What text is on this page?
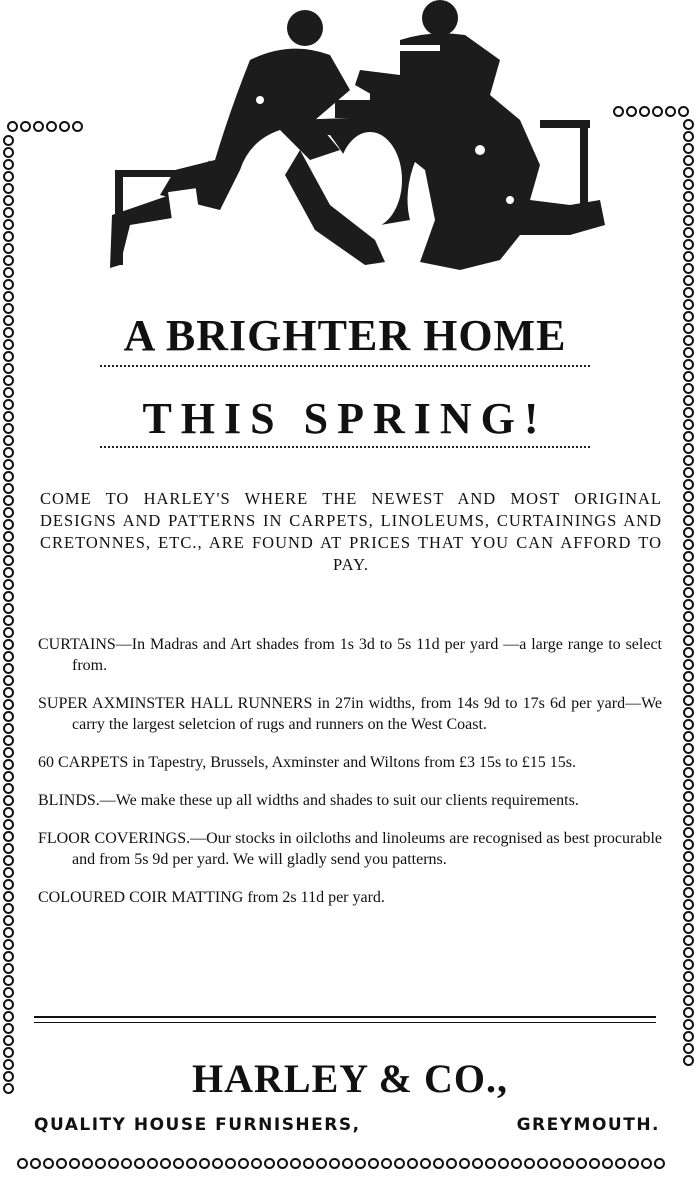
A BRIGHTER HOME
THIS SPRING!

COME TO HARLEY'S WHERE THE NEWEST AND MOST ORIGINAL DESIGNS AND PATTERNS IN CARPETS, LINOLEUMS, CURTAININGS AND CRETONNES, ETC., ARE FOUND AT PRICES THAT YOU CAN AFFORD TO PAY.

CURTAINS—In Madras and Art shades from 1s 3d to 5s 11d per yard —a large range to select from.

SUPER AXMINSTER HALL RUNNERS in 27in widths, from 14s 9d to 17s 6d per yard—We carry the largest seletcion of rugs and runners on the West Coast.

60 CARPETS in Tapestry, Brussels, Axminster and Wiltons from £3 15s to £15 15s.

BLINDS.—We make these up all widths and shades to suit our clients requirements.

FLOOR COVERINGS.—Our stocks in oilcloths and linoleums are recognised as best procurable and from 5s 9d per yard. We will gladly send you patterns.

COLOURED COIR MATTING from 2s 11d per yard.

HARLEY & CO.,
QUALITY HOUSE FURNISHERS,	GREYMOUTH.
